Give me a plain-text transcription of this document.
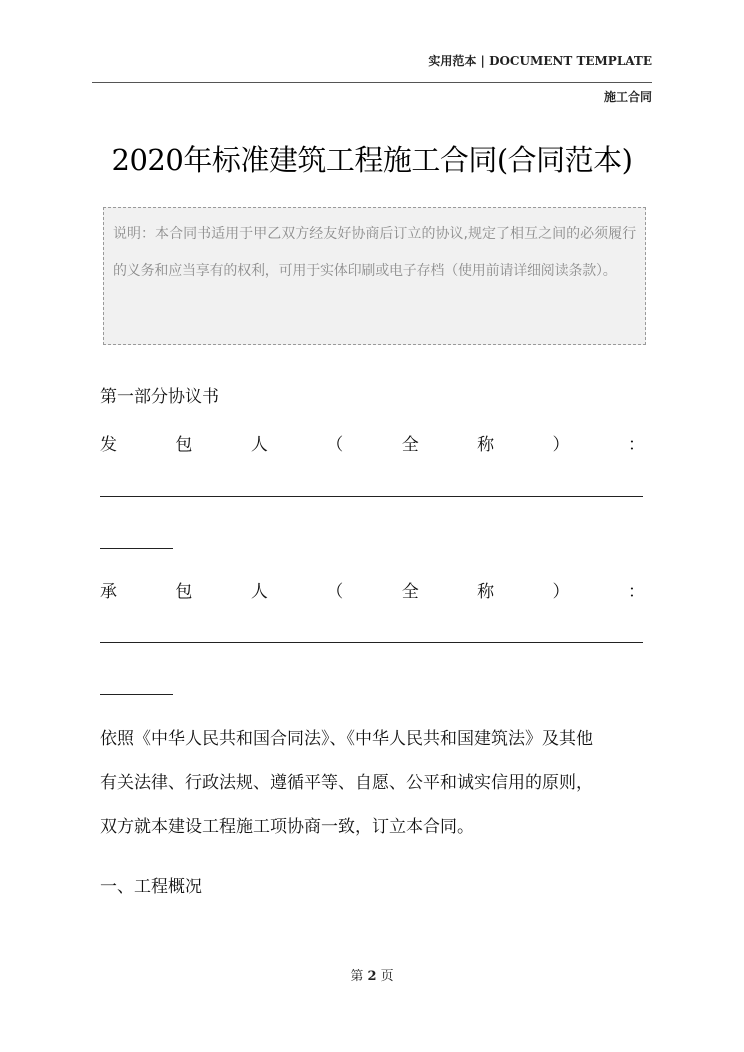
实用范本 | DOCUMENT TEMPLATE
施工合同
2020年标准建筑工程施工合同(合同范本)
说明：本合同书适用于甲乙双方经友好协商后订立的协议,规定了相互之间的必须履行的义务和应当享有的权利，可用于实体印刷或电子存档（使用前请详细阅读条款）。
第一部分协议书
发	包	人	（	全	称	）	：
承	包	人	（	全	称	）	：
依照《中华人民共和国合同法》、《中华人民共和国建筑法》及其他
有关法律、行政法规、遵循平等、自愿、公平和诚实信用的原则，
双方就本建设工程施工项协商一致，订立本合同。
一、工程概况
第 2 页
